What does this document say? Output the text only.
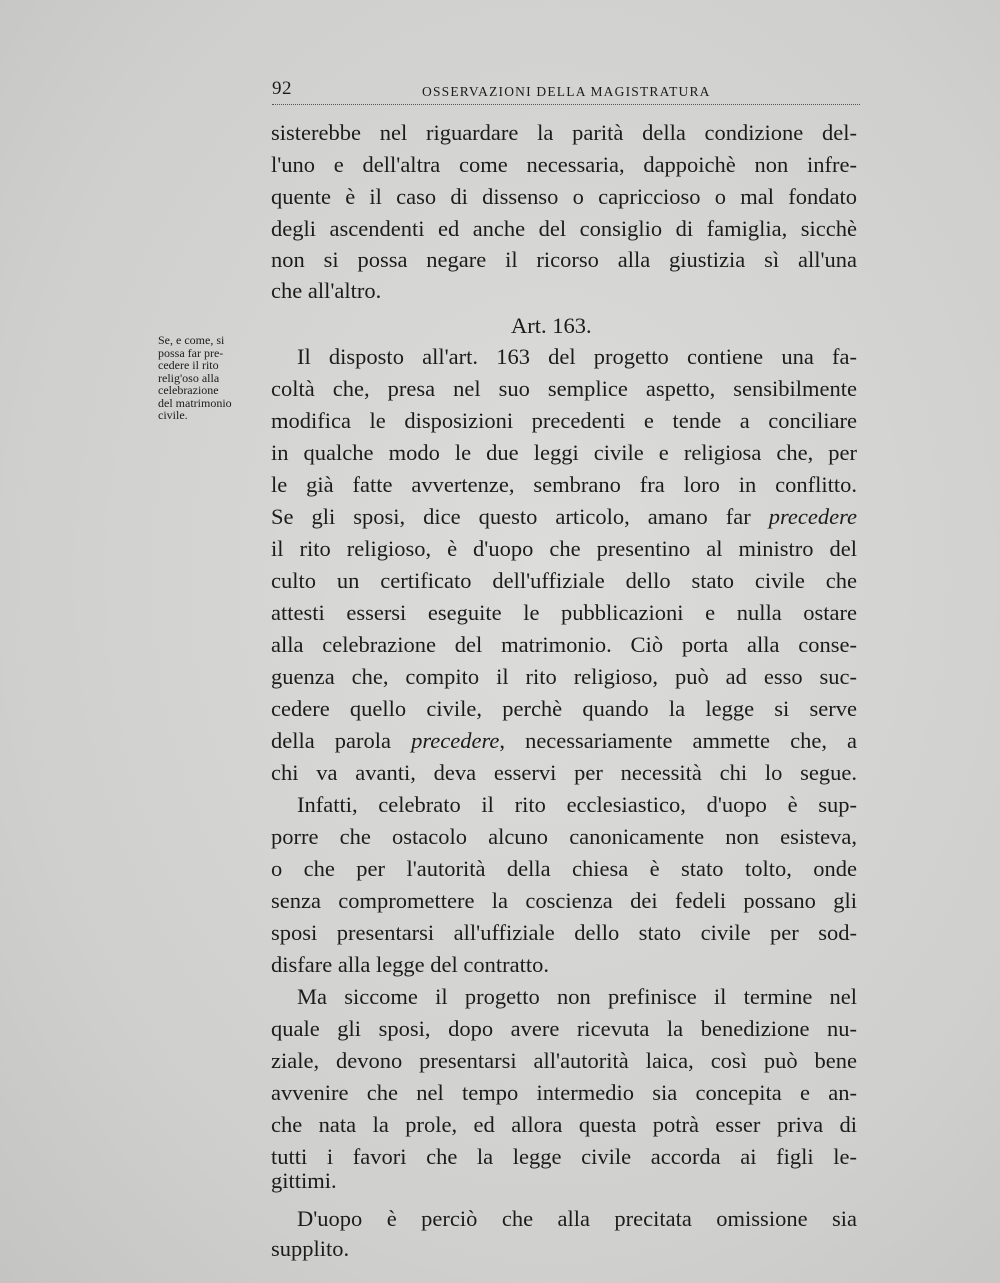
92	OSSERVAZIONI DELLA MAGISTRATURA
Se, e come, si
possa far pre-
cedere il rito
relig'oso alla
celebrazione
del matrimonio
civile.
sisterebbe nel riguardare la parità della condizione del-
l'uno e dell'altra come necessaria, dappoichè non infre-
quente è il caso di dissenso o capriccioso o mal fondato
degli ascendenti ed anche del consiglio di famiglia, sicchè
non si possa negare il ricorso alla giustizia sì all'una
che all'altro.
Art. 163.
Il disposto all'art. 163 del progetto contiene una fa-
coltà che, presa nel suo semplice aspetto, sensibilmente
modifica le disposizioni precedenti e tende a conciliare
in qualche modo le due leggi civile e religiosa che, per
le già fatte avvertenze, sembrano fra loro in conflitto.
Se gli sposi, dice questo articolo, amano far precedere
il rito religioso, è d'uopo che presentino al ministro del
culto un certificato dell'uffiziale dello stato civile che
attesti essersi eseguite le pubblicazioni e nulla ostare
alla celebrazione del matrimonio. Ciò porta alla conse-
guenza che, compito il rito religioso, può ad esso suc-
cedere quello civile, perchè quando la legge si serve
della parola precedere, necessariamente ammette che, a
chi va avanti, deva esservi per necessità chi lo segue.
Infatti, celebrato il rito ecclesiastico, d'uopo è sup-
porre che ostacolo alcuno canonicamente non esisteva,
o che per l'autorità della chiesa è stato tolto, onde
senza compromettere la coscienza dei fedeli possano gli
sposi presentarsi all'uffiziale dello stato civile per sod-
disfare alla legge del contratto.
Ma siccome il progetto non prefinisce il termine nel
quale gli sposi, dopo avere ricevuta la benedizione nu-
ziale, devono presentarsi all'autorità laica, così può bene
avvenire che nel tempo intermedio sia concepita e an-
che nata la prole, ed allora questa potrà esser priva di
tutti i favori che la legge civile accorda ai figli le-
gittimi.
D'uopo è perciò che alla precitata omissione sia
supplito.
